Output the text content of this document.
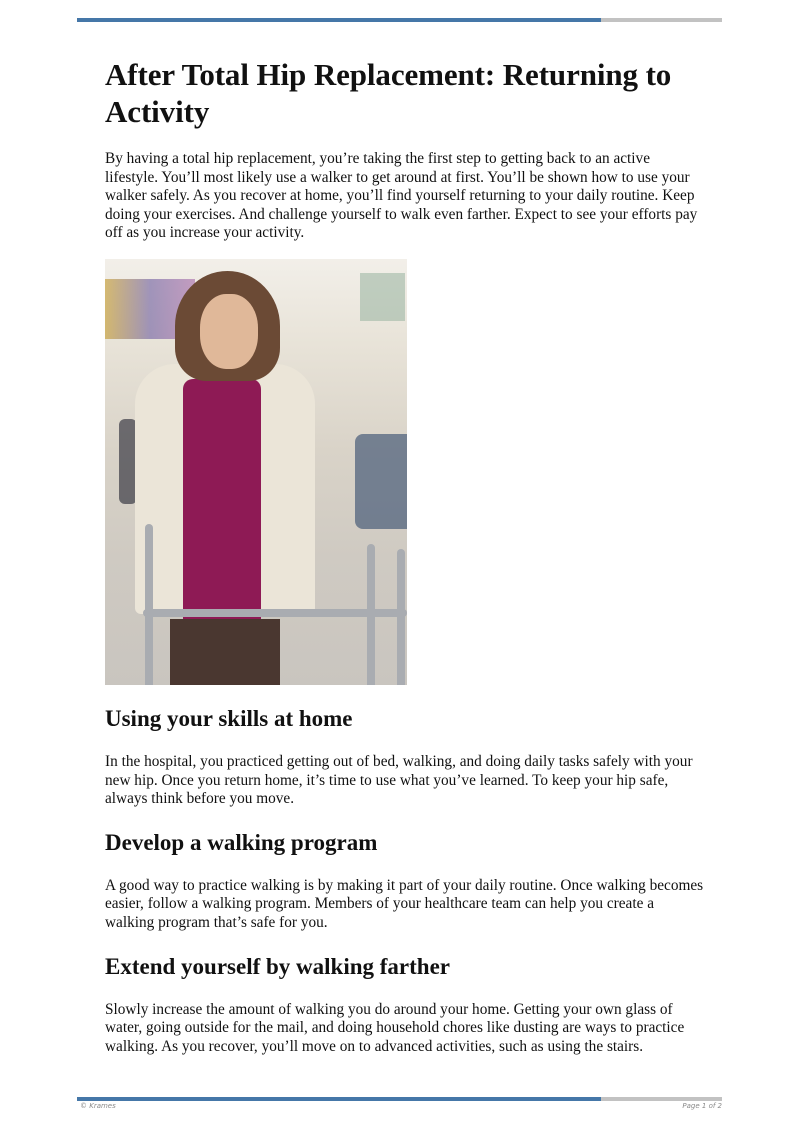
After Total Hip Replacement: Returning to Activity

By having a total hip replacement, you’re taking the first step to getting back to an active lifestyle. You’ll most likely use a walker to get around at first. You’ll be shown how to use your walker safely. As you recover at home, you’ll find yourself returning to your daily routine. Keep doing your exercises. And challenge yourself to walk even farther. Expect to see your efforts pay off as you increase your activity.

Using your skills at home

In the hospital, you practiced getting out of bed, walking, and doing daily tasks safely with your new hip. Once you return home, it’s time to use what you’ve learned. To keep your hip safe, always think before you move.

Develop a walking program

A good way to practice walking is by making it part of your daily routine. Once walking becomes easier, follow a walking program. Members of your healthcare team can help you create a walking program that’s safe for you.

Extend yourself by walking farther

Slowly increase the amount of walking you do around your home. Getting your own glass of water, going outside for the mail, and doing household chores like dusting are ways to practice walking. As you recover, you’ll move on to advanced activities, such as using the stairs.

© Krames	Page 1 of 2
